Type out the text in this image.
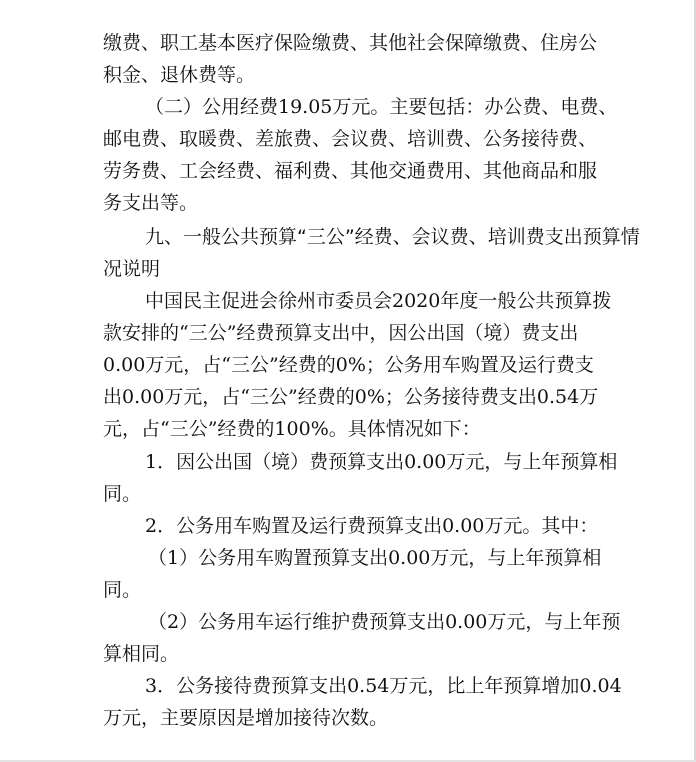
缴费、职工基本医疗保险缴费、其他社会保障缴费、住房公
积金、退休费等。
（二）公用经费19.05万元。主要包括：办公费、电费、
邮电费、取暖费、差旅费、会议费、培训费、公务接待费、
劳务费、工会经费、福利费、其他交通费用、其他商品和服
务支出等。
九、一般公共预算“三公”经费、会议费、培训费支出预算情
况说明
中国民主促进会徐州市委员会2020年度一般公共预算拨
款安排的“三公”经费预算支出中，因公出国（境）费支出
0.00万元，占“三公”经费的0%；公务用车购置及运行费支
出0.00万元，占“三公”经费的0%；公务接待费支出0.54万
元，占“三公”经费的100%。具体情况如下：
1．因公出国（境）费预算支出0.00万元，与上年预算相
同。
2．公务用车购置及运行费预算支出0.00万元。其中：
（1）公务用车购置预算支出0.00万元，与上年预算相
同。
（2）公务用车运行维护费预算支出0.00万元，与上年预
算相同。
3．公务接待费预算支出0.54万元，比上年预算增加0.04
万元，主要原因是增加接待次数。
